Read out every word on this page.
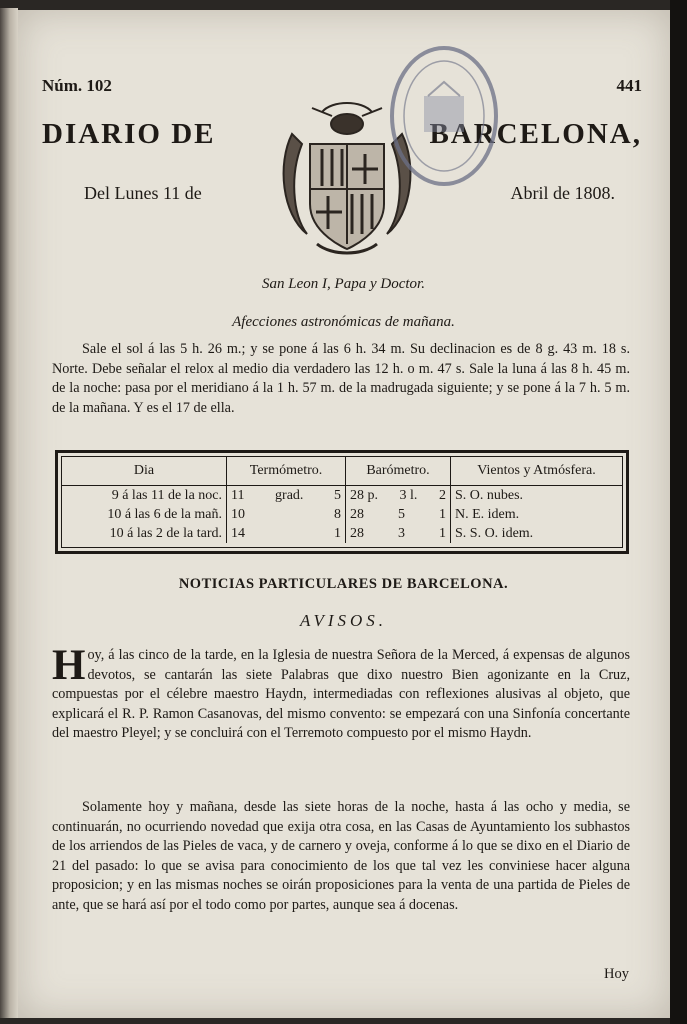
Núm. 102	441
DIARIO DE	BARCELONA,
Del Lunes 11 de	Abril de 1808.
San Leon I, Papa y Doctor.
Afecciones astronómicas de mañana.
Sale el sol á las 5 h. 26 m.; y se pone á las 6 h. 34 m. Su declinacion es de 8 g. 43 m. 18 s. Norte. Debe señalar el relox al medio dia verdadero las 12 h. o m. 47 s. Sale la luna á las 8 h. 45 m. de la noche: pasa por el meridiano á la 1 h. 57 m. de la madrugada siguiente; y se pone á la 7 h. 5 m. de la mañana. Y es el 17 de ella.
Dia	Termómetro.	Barómetro.	Vientos y Atmósfera.
9 á las 11 de la noc.	11 grad. 5	28 p. 3 l. 2	S. O. nubes.
10 á las 6 de la mañ.	10 8	28 5 1	N. E. idem.
10 á las 2 de la tard.	14 1	28 3 1	S. S. O. idem.
NOTICIAS PARTICULARES DE BARCELONA.
AVISOS.
Hoy, á las cinco de la tarde, en la Iglesia de nuestra Señora de la Merced, á expensas de algunos devotos, se cantarán las siete Palabras que dixo nuestro Bien agonizante en la Cruz, compuestas por el célebre maestro Haydn, intermediadas con reflexiones alusivas al objeto, que explicará el R. P. Ramon Casanovas, del mismo convento: se empezará con una Sinfonía concertante del maestro Pleyel; y se concluirá con el Terremoto compuesto por el mismo Haydn.
Solamente hoy y mañana, desde las siete horas de la noche, hasta á las ocho y media, se continuarán, no ocurriendo novedad que exija otra cosa, en las Casas de Ayuntamiento los subhastos de los arriendos de las Pieles de vaca, y de carnero y oveja, conforme á lo que se dixo en el Diario de 21 del pasado: lo que se avisa para conocimiento de los que tal vez les conviniese hacer alguna proposicion; y en las mismas noches se oirán proposiciones para la venta de una partida de Pieles de ante, que se hará así por el todo como por partes, aunque sea á docenas.
Hoy
